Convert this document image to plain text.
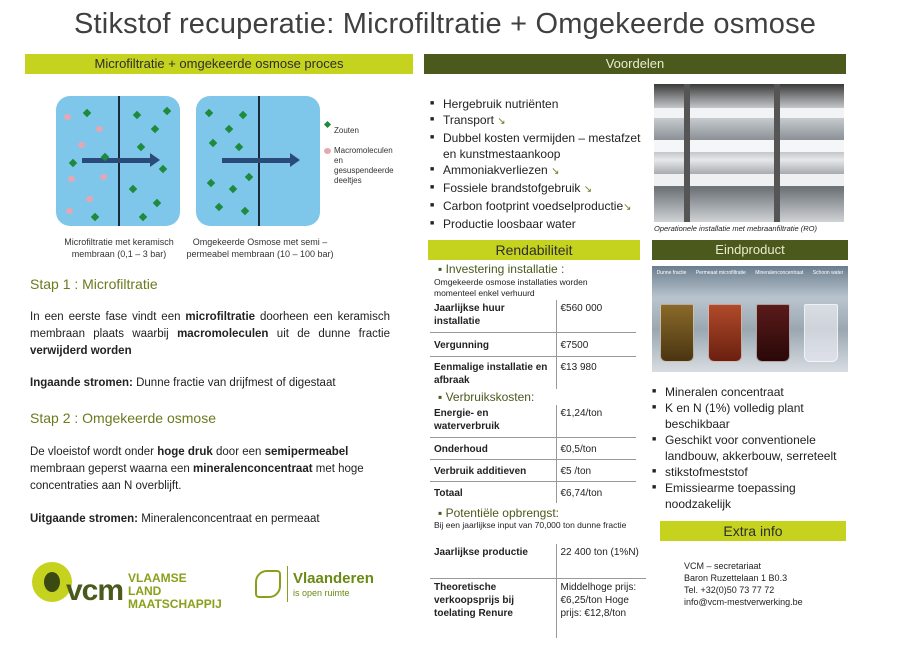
Stikstof recuperatie: Microfiltratie + Omgekeerde osmose
Microfiltratie + omgekeerde osmose proces
Zouten
Macromoleculen en gesuspendeerde deeltjes
Microfiltratie met keramisch membraan (0,1 – 3 bar)
Omgekeerde Osmose met semi – permeabel membraan (10 – 100 bar)
Stap 1 : Microfiltratie
In een eerste fase vindt een microfiltratie doorheen een keramisch membraan plaats waarbij macromoleculen uit de dunne fractie verwijderd worden
Ingaande stromen: Dunne fractie van drijfmest of digestaat
Stap 2 : Omgekeerde osmose
De vloeistof wordt onder hoge druk door een semipermeabel membraan geperst waarna een mineralenconcentraat met hoge concentraties aan N overblijft.
Uitgaande stromen: Mineralenconcentraat en permeaat
vcm VLAAMSE
LAND
MAATSCHAPPIJ
Vlaanderen
is open ruimte
Voordelen
■ Hergebruik nutriënten
■ Transport ↘
■ Dubbel kosten vermijden – mestafzet en kunstmestaankoop
■ Ammoniakverliezen ↘
■ Fossiele brandstofgebruik ↘
■ Carbon footprint voedselproductie↘
■ Productie loosbaar water	Operationele installatie met mebraanfiltratie (RO)
Rendabiliteit
▪ Investering installatie :
Omgekeerde osmose installaties worden momenteel enkel verhuurd
Jaarlijkse huur installatie	€560 000
Vergunning	€7500
Eenmalige installatie en afbraak	€13 980
▪ Verbruikskosten:
Energie- en waterverbruik	€1,24/ton
Onderhoud	€0,5/ton
Verbruik additieven	€5 /ton
Totaal	€6,74/ton
▪ Potentiële opbrengst:
Bij een jaarlijkse input van 70,000 ton dunne fractie
Jaarlijkse productie	22 400 ton (1%N)
Theoretische verkoopsprijs bij toelating Renure	Middelhoge prijs: €6,25/ton Hoge prijs: €12,8/ton
Eindproduct
Dunne fractie Permeaat microfiltratie Mineralenconcentraat Schoon water
■ Mineralen concentraat
■ K en N (1%) volledig plant beschikbaar
■ Geschikt voor conventionele landbouw, akkerbouw, serreteelt
■ stikstofmeststof
■ Emissiearme toepassing noodzakelijk
Extra info
VCM – secretariaat
Baron Ruzettelaan 1 B0.3
Tel. +32(0)50 73 77 72
info@vcm-mestverwerking.be
